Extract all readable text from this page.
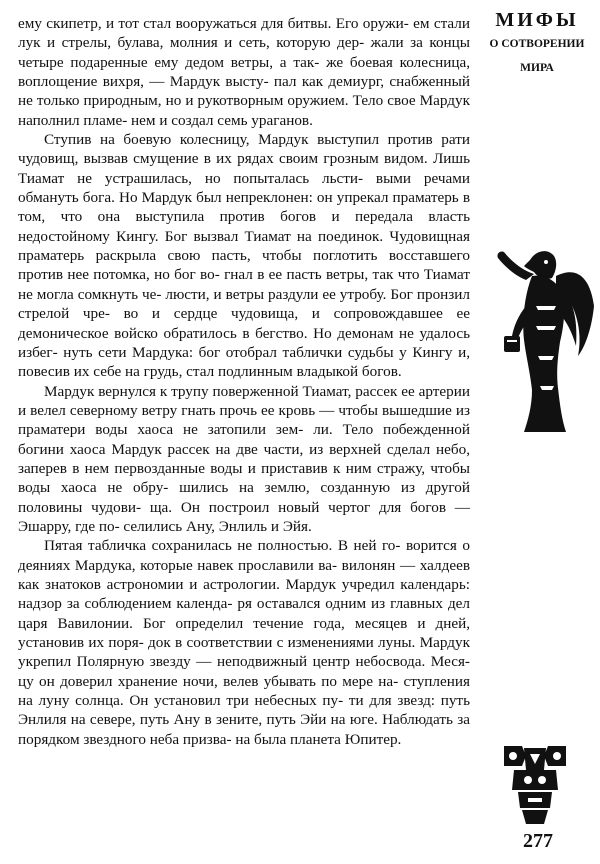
ему скипетр, и тот стал вооружаться для битвы. Его оружи- ем стали лук и стрелы, булава, молния и сеть, которую дер- жали за концы четыре подаренные ему дедом ветры, а так- же боевая колесница, воплощение вихря, — Мардук высту- пал как демиург, снабженный не только природным, но и рукотворным оружием. Тело свое Мардук наполнил пламе- нем и создал семь ураганов.

Ступив на боевую колесницу, Мардук выступил против рати чудовищ, вызвав смущение в их рядах своим грозным видом. Лишь Тиамат не устрашилась, но попыталась льсти- выми речами обмануть бога. Но Мардук был непреклонен: он упрекал праматерь в том, что она выступила против богов и передала власть недостойному Кингу. Бог вызвал Тиамат на поединок. Чудовищная праматерь раскрыла свою пасть, чтобы поглотить восставшего против нее потомка, но бог во- гнал в ее пасть ветры, так что Тиамат не могла сомкнуть че- люсти, и ветры раздули ее утробу. Бог пронзил стрелой чре- во и сердце чудовища, и сопровождавшее ее демоническое войско обратилось в бегство. Но демонам не удалось избег- нуть сети Мардука: бог отобрал таблички судьбы у Кингу и, повесив их себе на грудь, стал подлинным владыкой богов.

Мардук вернулся к трупу поверженной Тиамат, рассек ее артерии и велел северному ветру гнать прочь ее кровь — чтобы вышедшие из праматери воды хаоса не затопили зем- ли. Тело побежденной богини хаоса Мардук рассек на две части, из верхней сделал небо, заперев в нем первозданные воды и приставив к ним стражу, чтобы воды хаоса не обру- шились на землю, созданную из другой половины чудови- ща. Он построил новый чертог для богов — Эшарру, где по- селились Ану, Энлиль и Эйя.

Пятая табличка сохранилась не полностью. В ней го- ворится о деяниях Мардука, которые навек прославили ва- вилонян — халдеев как знатоков астрономии и астрологии. Мардук учредил календарь: надзор за соблюдением календа- ря оставался одним из главных дел царя Вавилонии. Бог определил течение года, месяцев и дней, установив их поря- док в соответствии с изменениями луны. Мардук укрепил Полярную звезду — неподвижный центр небосвода. Меся- цу он доверил хранение ночи, велев убывать по мере на- ступления на луну солнца. Он установил три небесных пу- ти для звезд: путь Энлиля на севере, путь Ану в зените, путь Эйи на юге. Наблюдать за порядком звездного неба призва- на была планета Юпитер.

МИФЫ
О СОТВОРЕНИИ
МИРА
277
